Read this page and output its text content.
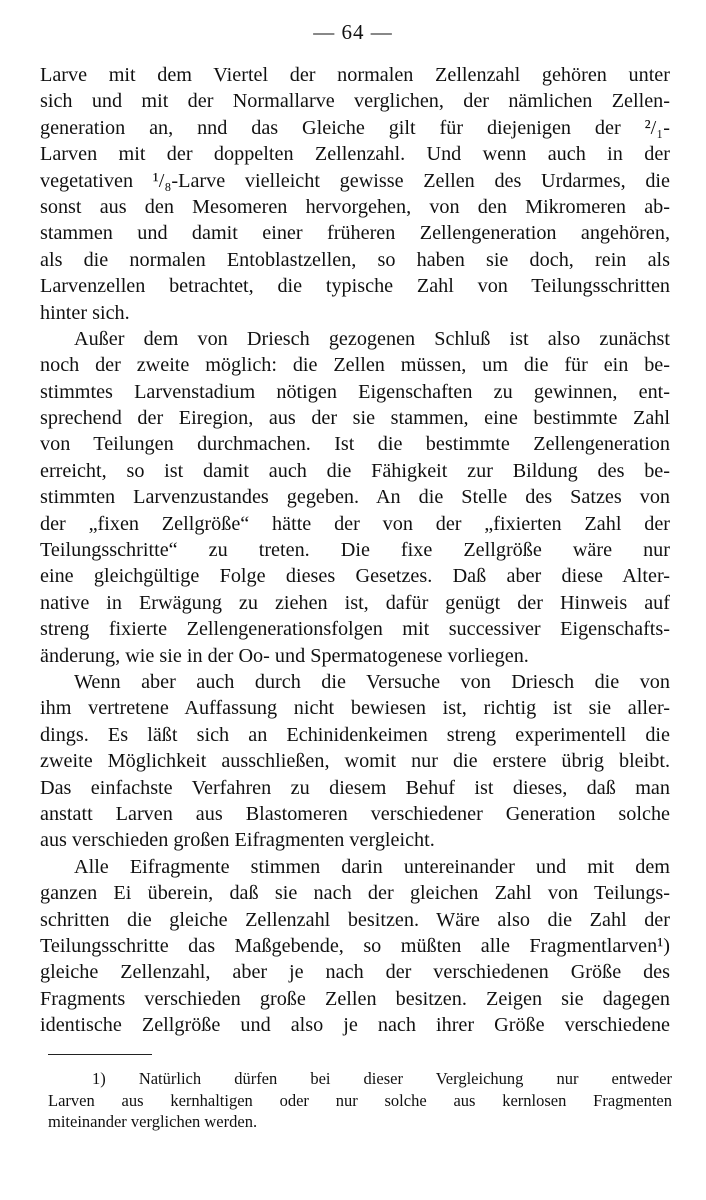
— 64 —
Larve mit dem Viertel der normalen Zellenzahl gehören unter
sich und mit der Normallarve verglichen, der nämlichen Zellen-
generation an, nnd das Gleiche gilt für diejenigen der ²/₁-
Larven mit der doppelten Zellenzahl. Und wenn auch in der
vegetativen ¹/₈-Larve vielleicht gewisse Zellen des Urdarmes, die
sonst aus den Mesomeren hervorgehen, von den Mikromeren ab-
stammen und damit einer früheren Zellengeneration angehören,
als die normalen Entoblastzellen, so haben sie doch, rein als
Larvenzellen betrachtet, die typische Zahl von Teilungsschritten
hinter sich.
Außer dem von Driesch gezogenen Schluß ist also zunächst
noch der zweite möglich: die Zellen müssen, um die für ein be-
stimmtes Larvenstadium nötigen Eigenschaften zu gewinnen, ent-
sprechend der Eiregion, aus der sie stammen, eine bestimmte Zahl
von Teilungen durchmachen. Ist die bestimmte Zellengeneration
erreicht, so ist damit auch die Fähigkeit zur Bildung des be-
stimmten Larvenzustandes gegeben. An die Stelle des Satzes von
der „fixen Zellgröße“ hätte der von der „fixierten Zahl der
Teilungsschritte“ zu treten. Die fixe Zellgröße wäre nur
eine gleichgültige Folge dieses Gesetzes. Daß aber diese Alter-
native in Erwägung zu ziehen ist, dafür genügt der Hinweis auf
streng fixierte Zellengenerationsfolgen mit successiver Eigenschafts-
änderung, wie sie in der Oo- und Spermatogenese vorliegen.
Wenn aber auch durch die Versuche von Driesch die von
ihm vertretene Auffassung nicht bewiesen ist, richtig ist sie aller-
dings. Es läßt sich an Echinidenkeimen streng experimentell die
zweite Möglichkeit ausschließen, womit nur die erstere übrig bleibt.
Das einfachste Verfahren zu diesem Behuf ist dieses, daß man
anstatt Larven aus Blastomeren verschiedener Generation solche
aus verschieden großen Eifragmenten vergleicht.
Alle Eifragmente stimmen darin untereinander und mit dem
ganzen Ei überein, daß sie nach der gleichen Zahl von Teilungs-
schritten die gleiche Zellenzahl besitzen. Wäre also die Zahl der
Teilungsschritte das Maßgebende, so müßten alle Fragmentlarven¹)
gleiche Zellenzahl, aber je nach der verschiedenen Größe des
Fragments verschieden große Zellen besitzen. Zeigen sie dagegen
identische Zellgröße und also je nach ihrer Größe verschiedene
1) Natürlich dürfen bei dieser Vergleichung nur entweder
Larven aus kernhaltigen oder nur solche aus kernlosen Fragmenten
miteinander verglichen werden.
